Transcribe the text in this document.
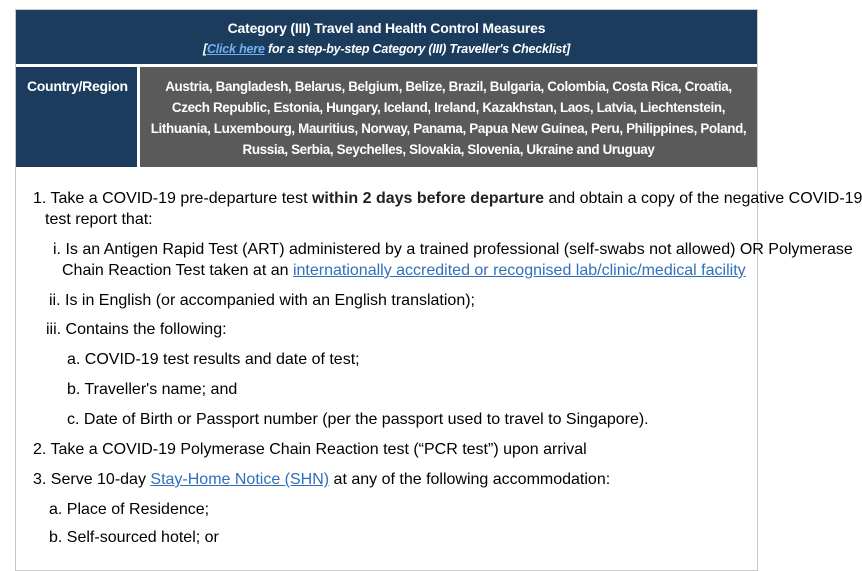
Category (III) Travel and Health Control Measures
[Click here for a step-by-step Category (III) Traveller's Checklist]
Country/Region	Austria, Bangladesh, Belarus, Belgium, Belize, Brazil, Bulgaria, Colombia, Costa Rica, Croatia,
Czech Republic, Estonia, Hungary, Iceland, Ireland, Kazakhstan, Laos, Latvia, Liechtenstein,
Lithuania, Luxembourg, Mauritius, Norway, Panama, Papua New Guinea, Peru, Philippines, Poland,
Russia, Serbia, Seychelles, Slovakia, Slovenia, Ukraine and Uruguay
1. Take a COVID-19 pre-departure test within 2 days before departure and obtain a copy of the negative COVID-19
test report that:
i. Is an Antigen Rapid Test (ART) administered by a trained professional (self-swabs not allowed) OR Polymerase
Chain Reaction Test taken at an internationally accredited or recognised lab/clinic/medical facility
ii. Is in English (or accompanied with an English translation);
iii. Contains the following:
a. COVID-19 test results and date of test;
b. Traveller's name; and
c. Date of Birth or Passport number (per the passport used to travel to Singapore).
2. Take a COVID-19 Polymerase Chain Reaction test (“PCR test”) upon arrival
3. Serve 10-day Stay-Home Notice (SHN) at any of the following accommodation:
a. Place of Residence;
b. Self-sourced hotel; or
